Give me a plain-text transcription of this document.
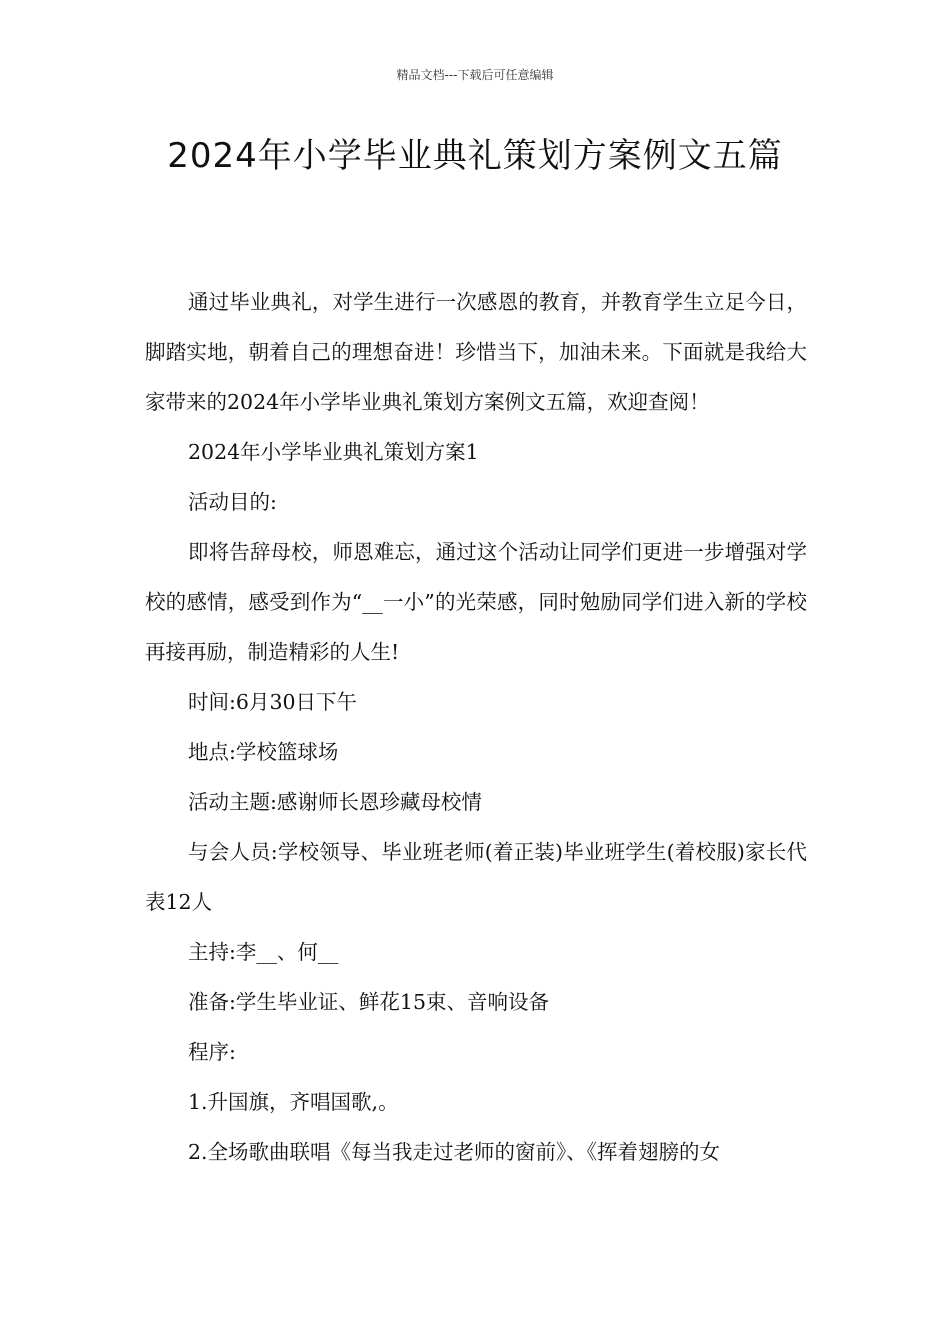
精品文档---下载后可任意编辑
2024年小学毕业典礼策划方案例文五篇

通过毕业典礼，对学生进行一次感恩的教育，并教育学生立足今日，脚踏实地，朝着自己的理想奋进！珍惜当下，加油未来。下面就是我给大家带来的2024年小学毕业典礼策划方案例文五篇，欢迎查阅！

2024年小学毕业典礼策划方案1

活动目的:

即将告辞母校，师恩难忘，通过这个活动让同学们更进一步增强对学校的感情，感受到作为“__一小”的光荣感，同时勉励同学们进入新的学校再接再励，制造精彩的人生!

时间:6月30日下午

地点:学校篮球场

活动主题:感谢师长恩珍藏母校情

与会人员:学校领导、毕业班老师(着正装)毕业班学生(着校服)家长代表12人

主持:李__、何__

准备:学生毕业证、鲜花15束、音响设备

程序:

1.升国旗，齐唱国歌,。

2.全场歌曲联唱《每当我走过老师的窗前》、《挥着翅膀的女
